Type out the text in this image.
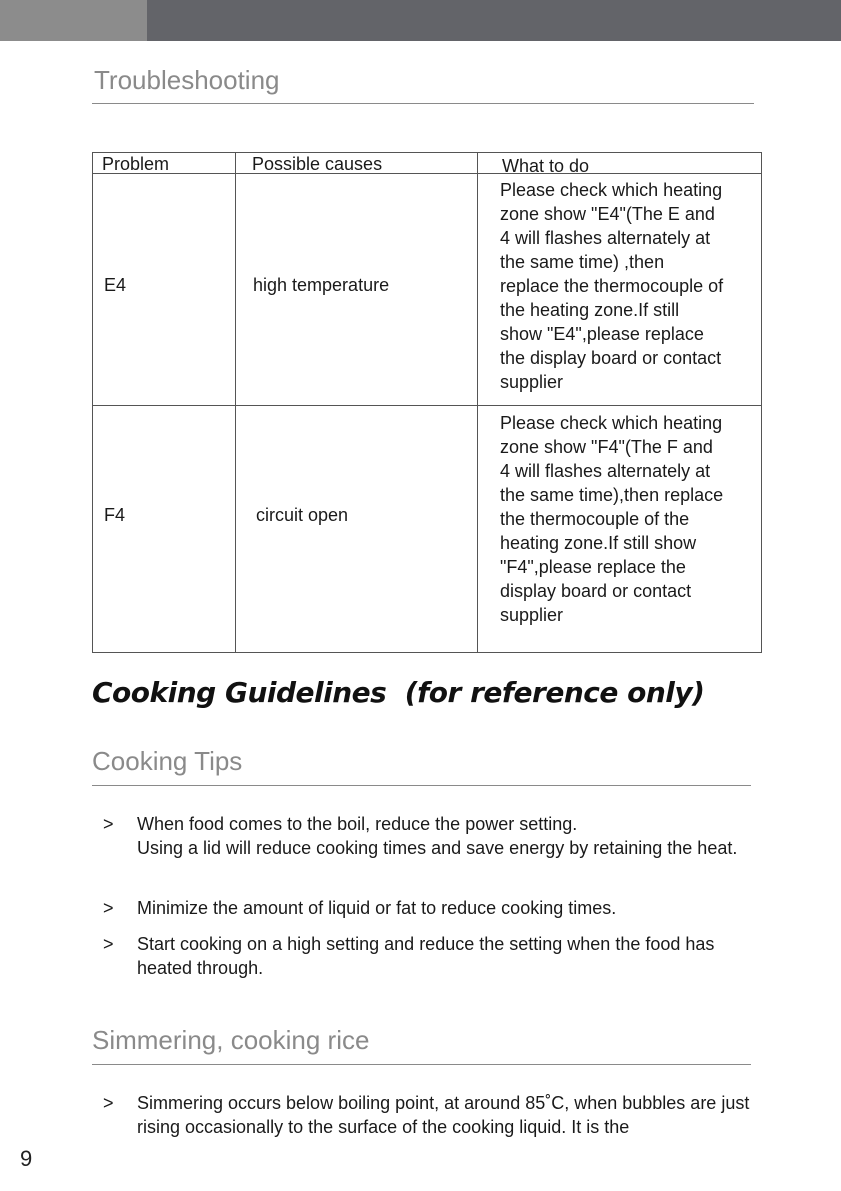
Troubleshooting
Problem	Possible causes	What to do
E4	high temperature
Please check which heating
zone show "E4"(The E and
4 will flashes alternately at
the same time) ,then
replace the thermocouple of
the heating zone.If still
show "E4",please replace
the display board or contact
supplier
F4	circuit open
Please check which heating
zone show "F4"(The F and
4 will flashes alternately at
the same time),then replace
the thermocouple of the
heating zone.If still show
"F4",please replace the
display board or contact
supplier
Cooking Guidelines  (for reference only)
Cooking Tips
> When food comes to the boil, reduce the power setting.
Using a lid will reduce cooking times and save energy by retaining the heat.
> Minimize the amount of liquid or fat to reduce cooking times.
> Start cooking on a high setting and reduce the setting when the food has heated through.
Simmering, cooking rice
> Simmering occurs below boiling point, at around 85˚C, when bubbles are just rising occasionally to the surface of the cooking liquid. It is the
9
